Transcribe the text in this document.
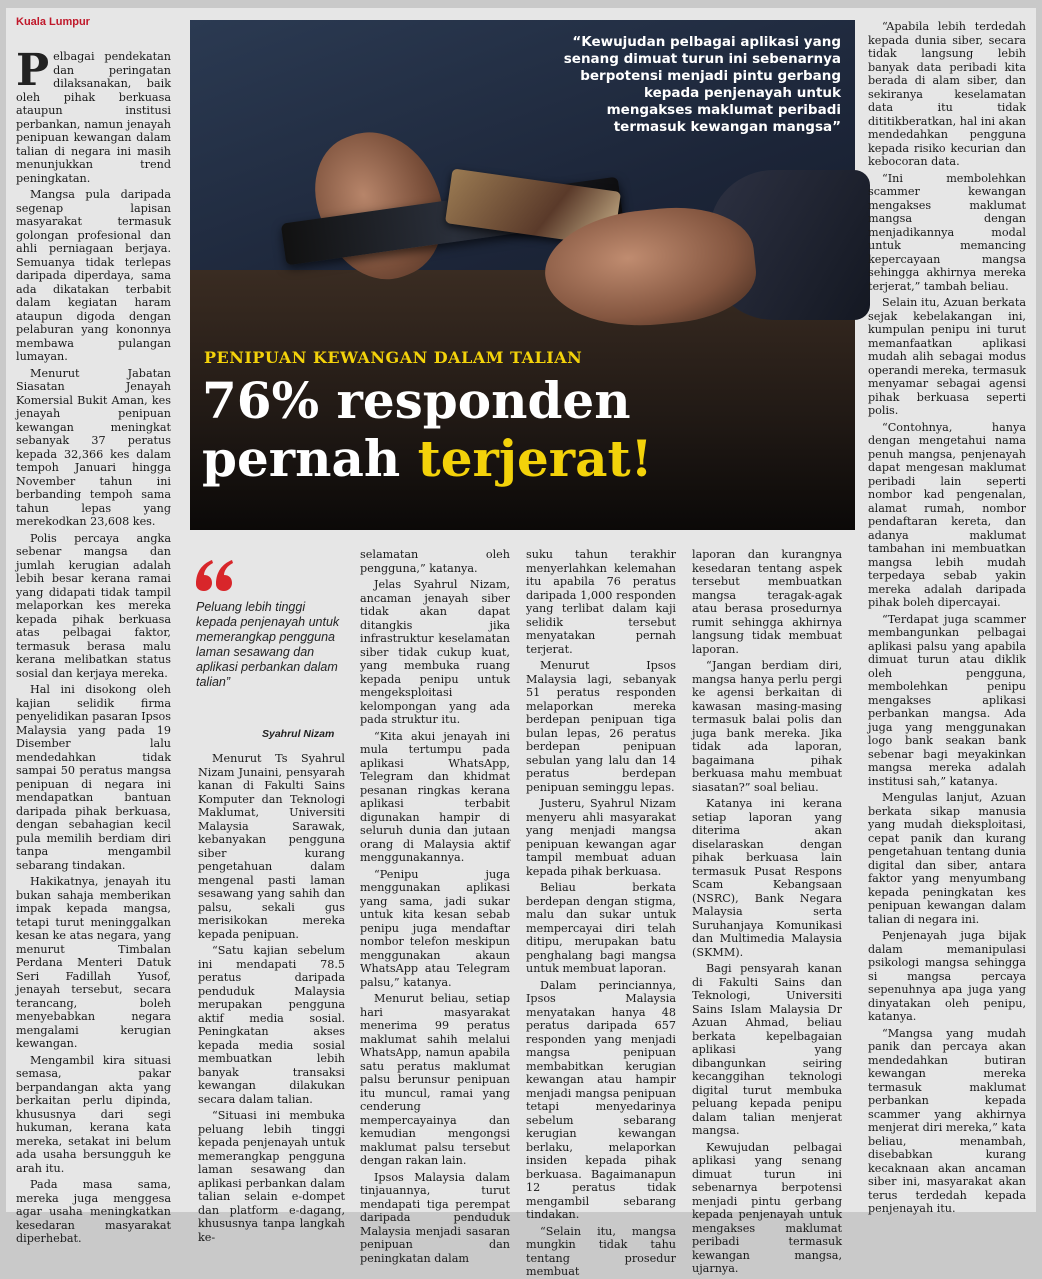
Kuala Lumpur

Pelbagai pendekatan dan peringatan dilaksanakan, baik oleh pihak berkuasa ataupun institusi perbankan, namun jenayah penipuan kewangan dalam talian di negara ini masih menunjukkan trend peningkatan.

Mangsa pula daripada segenap lapisan masyarakat termasuk golongan profesional dan ahli perniagaan berjaya. Semuanya tidak terlepas daripada diperdaya, sama ada dikatakan terbabit dalam kegiatan haram ataupun digoda dengan pelaburan yang kononnya membawa pulangan lumayan.

Menurut Jabatan Siasatan Jenayah Komersial Bukit Aman, kes jenayah penipuan kewangan meningkat sebanyak 37 peratus kepada 32,366 kes dalam tempoh Januari hingga November tahun ini berbanding tempoh sama tahun lepas yang merekodkan 23,608 kes.

Polis percaya angka sebenar mangsa dan jumlah kerugian adalah lebih besar kerana ramai yang didapati tidak tampil melaporkan kes mereka kepada pihak berkuasa atas pelbagai faktor, termasuk berasa malu kerana melibatkan status sosial dan kerjaya mereka.

Hal ini disokong oleh kajian selidik firma penyelidikan pasaran Ipsos Malaysia yang pada 19 Disember lalu mendedahkan tidak sampai 50 peratus mangsa penipuan di negara ini mendapatkan bantuan daripada pihak berkuasa, dengan sebahagian kecil pula memilih berdiam diri tanpa mengambil sebarang tindakan.

Hakikatnya, jenayah itu bukan sahaja memberikan impak kepada mangsa, tetapi turut meninggalkan kesan ke atas negara, yang menurut Timbalan Perdana Menteri Datuk Seri Fadillah Yusof, jenayah tersebut, secara terancang, boleh menyebabkan negara mengalami kerugian kewangan.

Mengambil kira situasi semasa, pakar berpandangan akta yang berkaitan perlu dipinda, khususnya dari segi hukuman, kerana kata mereka, setakat ini belum ada usaha bersungguh ke arah itu.

Pada masa sama, mereka juga menggesa agar usaha meningkatkan kesedaran masyarakat diperhebat.

“Kewujudan pelbagai aplikasi yang senang dimuat turun ini sebenarnya berpotensi menjadi pintu gerbang kepada penjenayah untuk mengakses maklumat peribadi termasuk kewangan mangsa”
PENIPUAN KEWANGAN DALAM TALIAN
76% responden
pernah terjerat!
Peluang lebih tinggi kepada penjenayah untuk memerangkap pengguna laman sesawang dan aplikasi perbankan dalam talian”
Syahrul Nizam

Menurut Ts Syahrul Nizam Junaini, pensyarah kanan di Fakulti Sains Komputer dan Teknologi Maklumat, Universiti Malaysia Sarawak, kebanyakan pengguna siber kurang pengetahuan dalam mengenal pasti laman sesawang yang sahih dan palsu, sekali gus merisikokan mereka kepada penipuan.

“Satu kajian sebelum ini mendapati 78.5 peratus daripada penduduk Malaysia merupakan pengguna aktif media sosial. Peningkatan akses kepada media sosial membuatkan lebih banyak transaksi kewangan dilakukan secara dalam talian.

“Situasi ini membuka peluang lebih tinggi kepada penjenayah untuk memerangkap pengguna laman sesawang dan aplikasi perbankan dalam talian selain e-dompet dan platform e-dagang, khususnya tanpa langkah ke-

selamatan oleh pengguna,” katanya.

Jelas Syahrul Nizam, ancaman jenayah siber tidak akan dapat ditangkis jika infrastruktur keselamatan siber tidak cukup kuat, yang membuka ruang kepada penipu untuk mengeksploitasi kelompongan yang ada pada struktur itu.

“Kita akui jenayah ini mula tertumpu pada aplikasi WhatsApp, Telegram dan khidmat pesanan ringkas kerana aplikasi terbabit digunakan hampir di seluruh dunia dan jutaan orang di Malaysia aktif menggunakannya.

“Penipu juga menggunakan aplikasi yang sama, jadi sukar untuk kita kesan sebab penipu juga mendaftar nombor telefon meskipun menggunakan akaun WhatsApp atau Telegram palsu,” katanya.

Menurut beliau, setiap hari masyarakat menerima 99 peratus maklumat sahih melalui WhatsApp, namun apabila satu peratus maklumat palsu berunsur penipuan itu muncul, ramai yang cenderung mempercayainya dan kemudian mengongsi maklumat palsu tersebut dengan rakan lain.

Ipsos Malaysia dalam tinjauannya, turut mendapati tiga perempat daripada penduduk Malaysia menjadi sasaran penipuan dan peningkatan dalam

suku tahun terakhir menyerlahkan kelemahan itu apabila 76 peratus daripada 1,000 responden yang terlibat dalam kaji selidik tersebut menyatakan pernah terjerat.

Menurut Ipsos Malaysia lagi, sebanyak 51 peratus responden melaporkan mereka berdepan penipuan tiga bulan lepas, 26 peratus berdepan penipuan sebulan yang lalu dan 14 peratus berdepan penipuan seminggu lepas.

Justeru, Syahrul Nizam menyeru ahli masyarakat yang menjadi mangsa penipuan kewangan agar tampil membuat aduan kepada pihak berkuasa.

Beliau berkata berdepan dengan stigma, malu dan sukar untuk mempercayai diri telah ditipu, merupakan batu penghalang bagi mangsa untuk membuat laporan.

Dalam perinciannya, Ipsos Malaysia menyatakan hanya 48 peratus daripada 657 responden yang menjadi mangsa penipuan membabitkan kerugian kewangan atau hampir menjadi mangsa penipuan tetapi menyedarinya sebelum sebarang kerugian kewangan berlaku, melaporkan insiden kepada pihak berkuasa. Bagaimanapun 12 peratus tidak mengambil sebarang tindakan.

“Selain itu, mangsa mungkin tidak tahu tentang prosedur membuat

laporan dan kurangnya kesedaran tentang aspek tersebut membuatkan mangsa teragak-agak atau berasa prosedurnya rumit sehingga akhirnya langsung tidak membuat laporan.

“Jangan berdiam diri, mangsa hanya perlu pergi ke agensi berkaitan di kawasan masing-masing termasuk balai polis dan juga bank mereka. Jika tidak ada laporan, bagaimana pihak berkuasa mahu membuat siasatan?” soal beliau.

Katanya ini kerana setiap laporan yang diterima akan diselaraskan dengan pihak berkuasa lain termasuk Pusat Respons Scam Kebangsaan (NSRC), Bank Negara Malaysia serta Suruhanjaya Komunikasi dan Multimedia Malaysia (SKMM).

Bagi pensyarah kanan di Fakulti Sains dan Teknologi, Universiti Sains Islam Malaysia Dr Azuan Ahmad, beliau berkata kepelbagaian aplikasi yang dibangunkan seiring kecanggihan teknologi digital turut membuka peluang kepada penipu dalam talian menjerat mangsa.

Kewujudan pelbagai aplikasi yang senang dimuat turun ini sebenarnya berpotensi menjadi pintu gerbang kepada penjenayah untuk mengakses maklumat peribadi termasuk kewangan mangsa, ujarnya.

“Apabila lebih terdedah kepada dunia siber, secara tidak langsung lebih banyak data peribadi kita berada di alam siber, dan sekiranya keselamatan data itu tidak dititikberatkan, hal ini akan mendedahkan pengguna kepada risiko kecurian dan kebocoran data.

“Ini membolehkan scammer kewangan mengakses maklumat mangsa dengan menjadikannya modal untuk memancing kepercayaan mangsa sehingga akhirnya mereka terjerat,” tambah beliau.

Selain itu, Azuan berkata sejak kebelakangan ini, kumpulan penipu ini turut memanfaatkan aplikasi mudah alih sebagai modus operandi mereka, termasuk menyamar sebagai agensi pihak berkuasa seperti polis.

“Contohnya, hanya dengan mengetahui nama penuh mangsa, penjenayah dapat mengesan maklumat peribadi lain seperti nombor kad pengenalan, alamat rumah, nombor pendaftaran kereta, dan adanya maklumat tambahan ini membuatkan mangsa lebih mudah terpedaya sebab yakin mereka adalah daripada pihak boleh dipercayai.

“Terdapat juga scammer membangunkan pelbagai aplikasi palsu yang apabila dimuat turun atau diklik oleh pengguna, membolehkan penipu mengakses aplikasi perbankan mangsa. Ada juga yang menggunakan logo bank seakan bank sebenar bagi meyakinkan mangsa mereka adalah institusi sah,” katanya.

Mengulas lanjut, Azuan berkata sikap manusia yang mudah dieksploitasi, cepat panik dan kurang pengetahuan tentang dunia digital dan siber, antara faktor yang menyumbang kepada peningkatan kes penipuan kewangan dalam talian di negara ini.

Penjenayah juga bijak dalam memanipulasi psikologi mangsa sehingga si mangsa percaya sepenuhnya apa juga yang dinyatakan oleh penipu, katanya.

“Mangsa yang mudah panik dan percaya akan mendedahkan butiran kewangan mereka termasuk maklumat perbankan kepada scammer yang akhirnya menjerat diri mereka,” kata beliau, menambah, disebabkan kurang kecaknaan akan ancaman siber ini, masyarakat akan terus terdedah kepada penjenayah itu.
